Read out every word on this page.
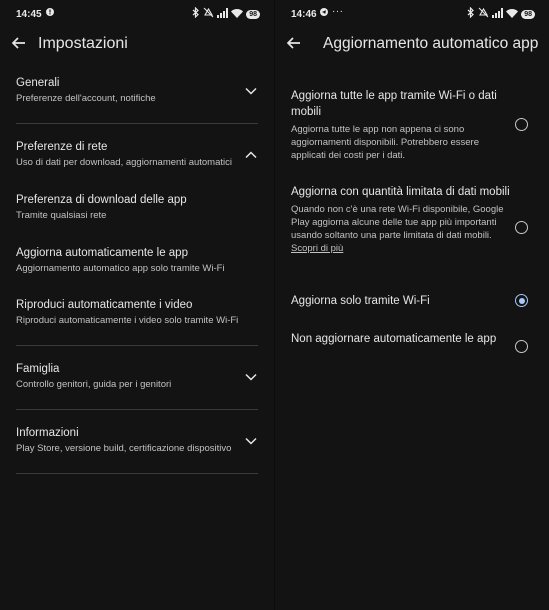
14:45	98
Impostazioni
Generali
Preferenze dell'account, notifiche
Preferenze di rete
Uso di dati per download, aggiornamenti automatici
Preferenza di download delle app
Tramite qualsiasi rete
Aggiorna automaticamente le app
Aggiornamento automatico app solo tramite Wi-Fi
Riproduci automaticamente i video
Riproduci automaticamente i video solo tramite Wi-Fi
Famiglia
Controllo genitori, guida per i genitori
Informazioni
Play Store, versione build, certificazione dispositivo
14:46 ···	98
Aggiornamento automatico app
Aggiorna tutte le app tramite Wi-Fi o dati mobili
Aggiorna tutte le app non appena ci sono aggiornamenti disponibili. Potrebbero essere applicati dei costi per i dati.
Aggiorna con quantità limitata di dati mobili
Quando non c'è una rete Wi-Fi disponibile, Google Play aggiorna alcune delle tue app più importanti usando soltanto una parte limitata di dati mobili. Scopri di più
Aggiorna solo tramite Wi-Fi
Non aggiornare automaticamente le app
